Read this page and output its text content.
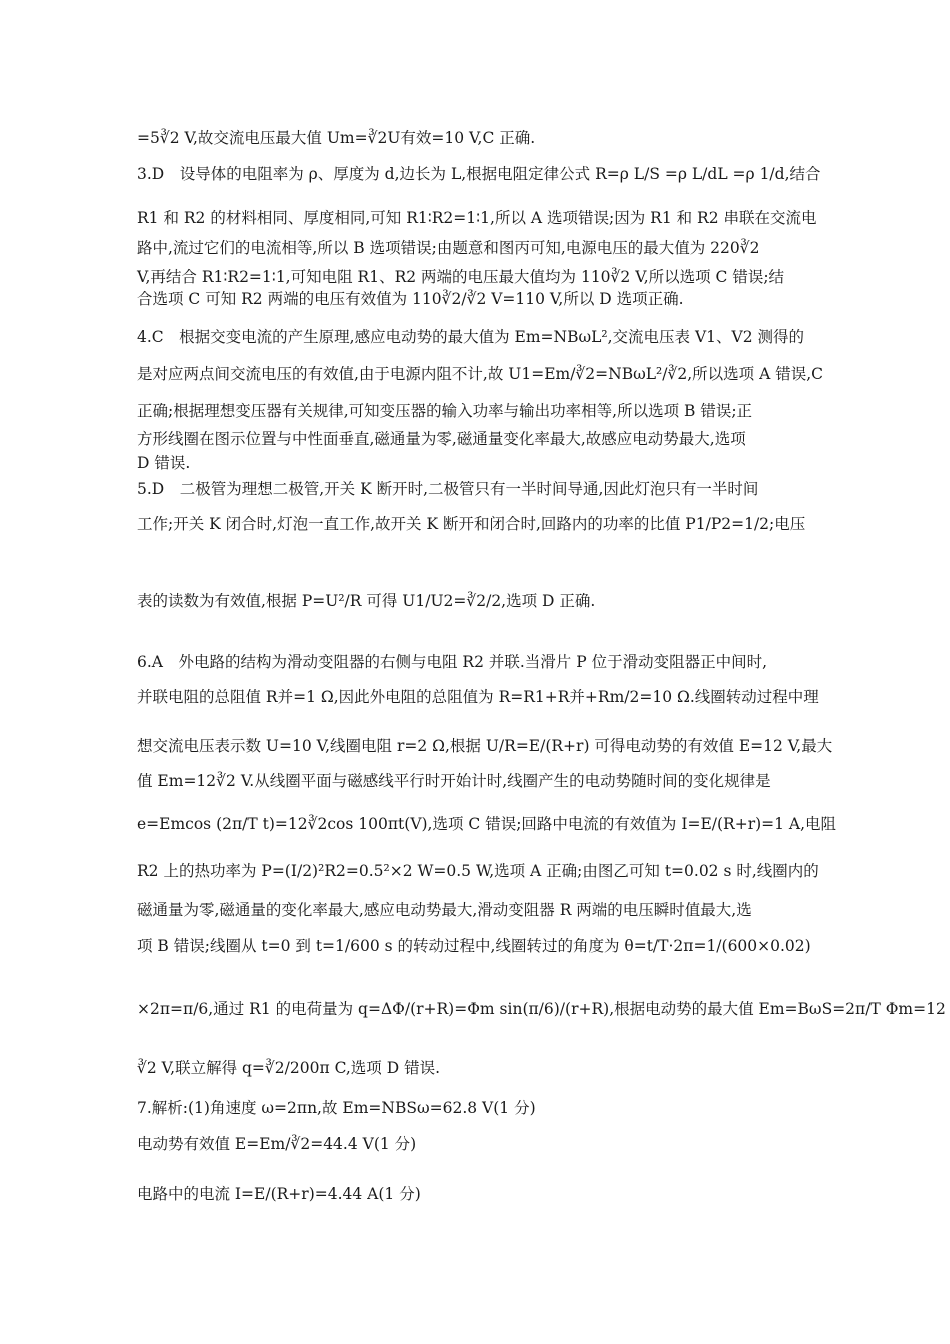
=5∛2 V,故交流电压最大值 Um=∛2U有效=10 V,C 正确.
3.D　设导体的电阻率为 ρ、厚度为 d,边长为 L,根据电阻定律公式 R=ρ L/S =ρ L/dL =ρ 1/d,结合
R1 和 R2 的材料相同、厚度相同,可知 R1∶R2=1∶1,所以 A 选项错误;因为 R1 和 R2 串联在交流电
路中,流过它们的电流相等,所以 B 选项错误;由题意和图丙可知,电源电压的最大值为 220∛2
V,再结合 R1∶R2=1∶1,可知电阻 R1、R2 两端的电压最大值均为 110∛2 V,所以选项 C 错误;结
合选项 C 可知 R2 两端的电压有效值为 110∛2/∛2 V=110 V,所以 D 选项正确.
4.C　根据交变电流的产生原理,感应电动势的最大值为 Em=NBωL²,交流电压表 V1、V2 测得的
是对应两点间交流电压的有效值,由于电源内阻不计,故 U1=Em/∛2=NBωL²/∛2,所以选项 A 错误,C
正确;根据理想变压器有关规律,可知变压器的输入功率与输出功率相等,所以选项 B 错误;正
方形线圈在图示位置与中性面垂直,磁通量为零,磁通量变化率最大,故感应电动势最大,选项
D 错误.
5.D　二极管为理想二极管,开关 K 断开时,二极管只有一半时间导通,因此灯泡只有一半时间
工作;开关 K 闭合时,灯泡一直工作,故开关 K 断开和闭合时,回路内的功率的比值 P1/P2=1/2;电压
表的读数为有效值,根据 P=U²/R 可得 U1/U2=∛2/2,选项 D 正确.
6.A　外电路的结构为滑动变阻器的右侧与电阻 R2 并联.当滑片 P 位于滑动变阻器正中间时,
并联电阻的总阻值 R并=1 Ω,因此外电阻的总阻值为 R=R1+R并+Rm/2=10 Ω.线圈转动过程中理
想交流电压表示数 U=10 V,线圈电阻 r=2 Ω,根据 U/R=E/(R+r) 可得电动势的有效值 E=12 V,最大
值 Em=12∛2 V.从线圈平面与磁感线平行时开始计时,线圈产生的电动势随时间的变化规律是
e=Emcos (2π/T t)=12∛2cos 100πt(V),选项 C 错误;回路中电流的有效值为 I=E/(R+r)=1 A,电阻
R2 上的热功率为 P=(I/2)²R2=0.5²×2 W=0.5 W,选项 A 正确;由图乙可知 t=0.02 s 时,线圈内的
磁通量为零,磁通量的变化率最大,感应电动势最大,滑动变阻器 R 两端的电压瞬时值最大,选
项 B 错误;线圈从 t=0 到 t=1/600 s 的转动过程中,线圈转过的角度为 θ=t/T·2π=1/(600×0.02)
×2π=π/6,通过 R1 的电荷量为 q=ΔΦ/(r+R)=Φm sin(π/6)/(r+R),根据电动势的最大值 Em=BωS=2π/T Φm=12
∛2 V,联立解得 q=∛2/200π C,选项 D 错误.
7.解析:(1)角速度 ω=2πn,故 Em=NBSω=62.8 V(1 分)
电动势有效值 E=Em/∛2=44.4 V(1 分)
电路中的电流 I=E/(R+r)=4.44 A(1 分)
